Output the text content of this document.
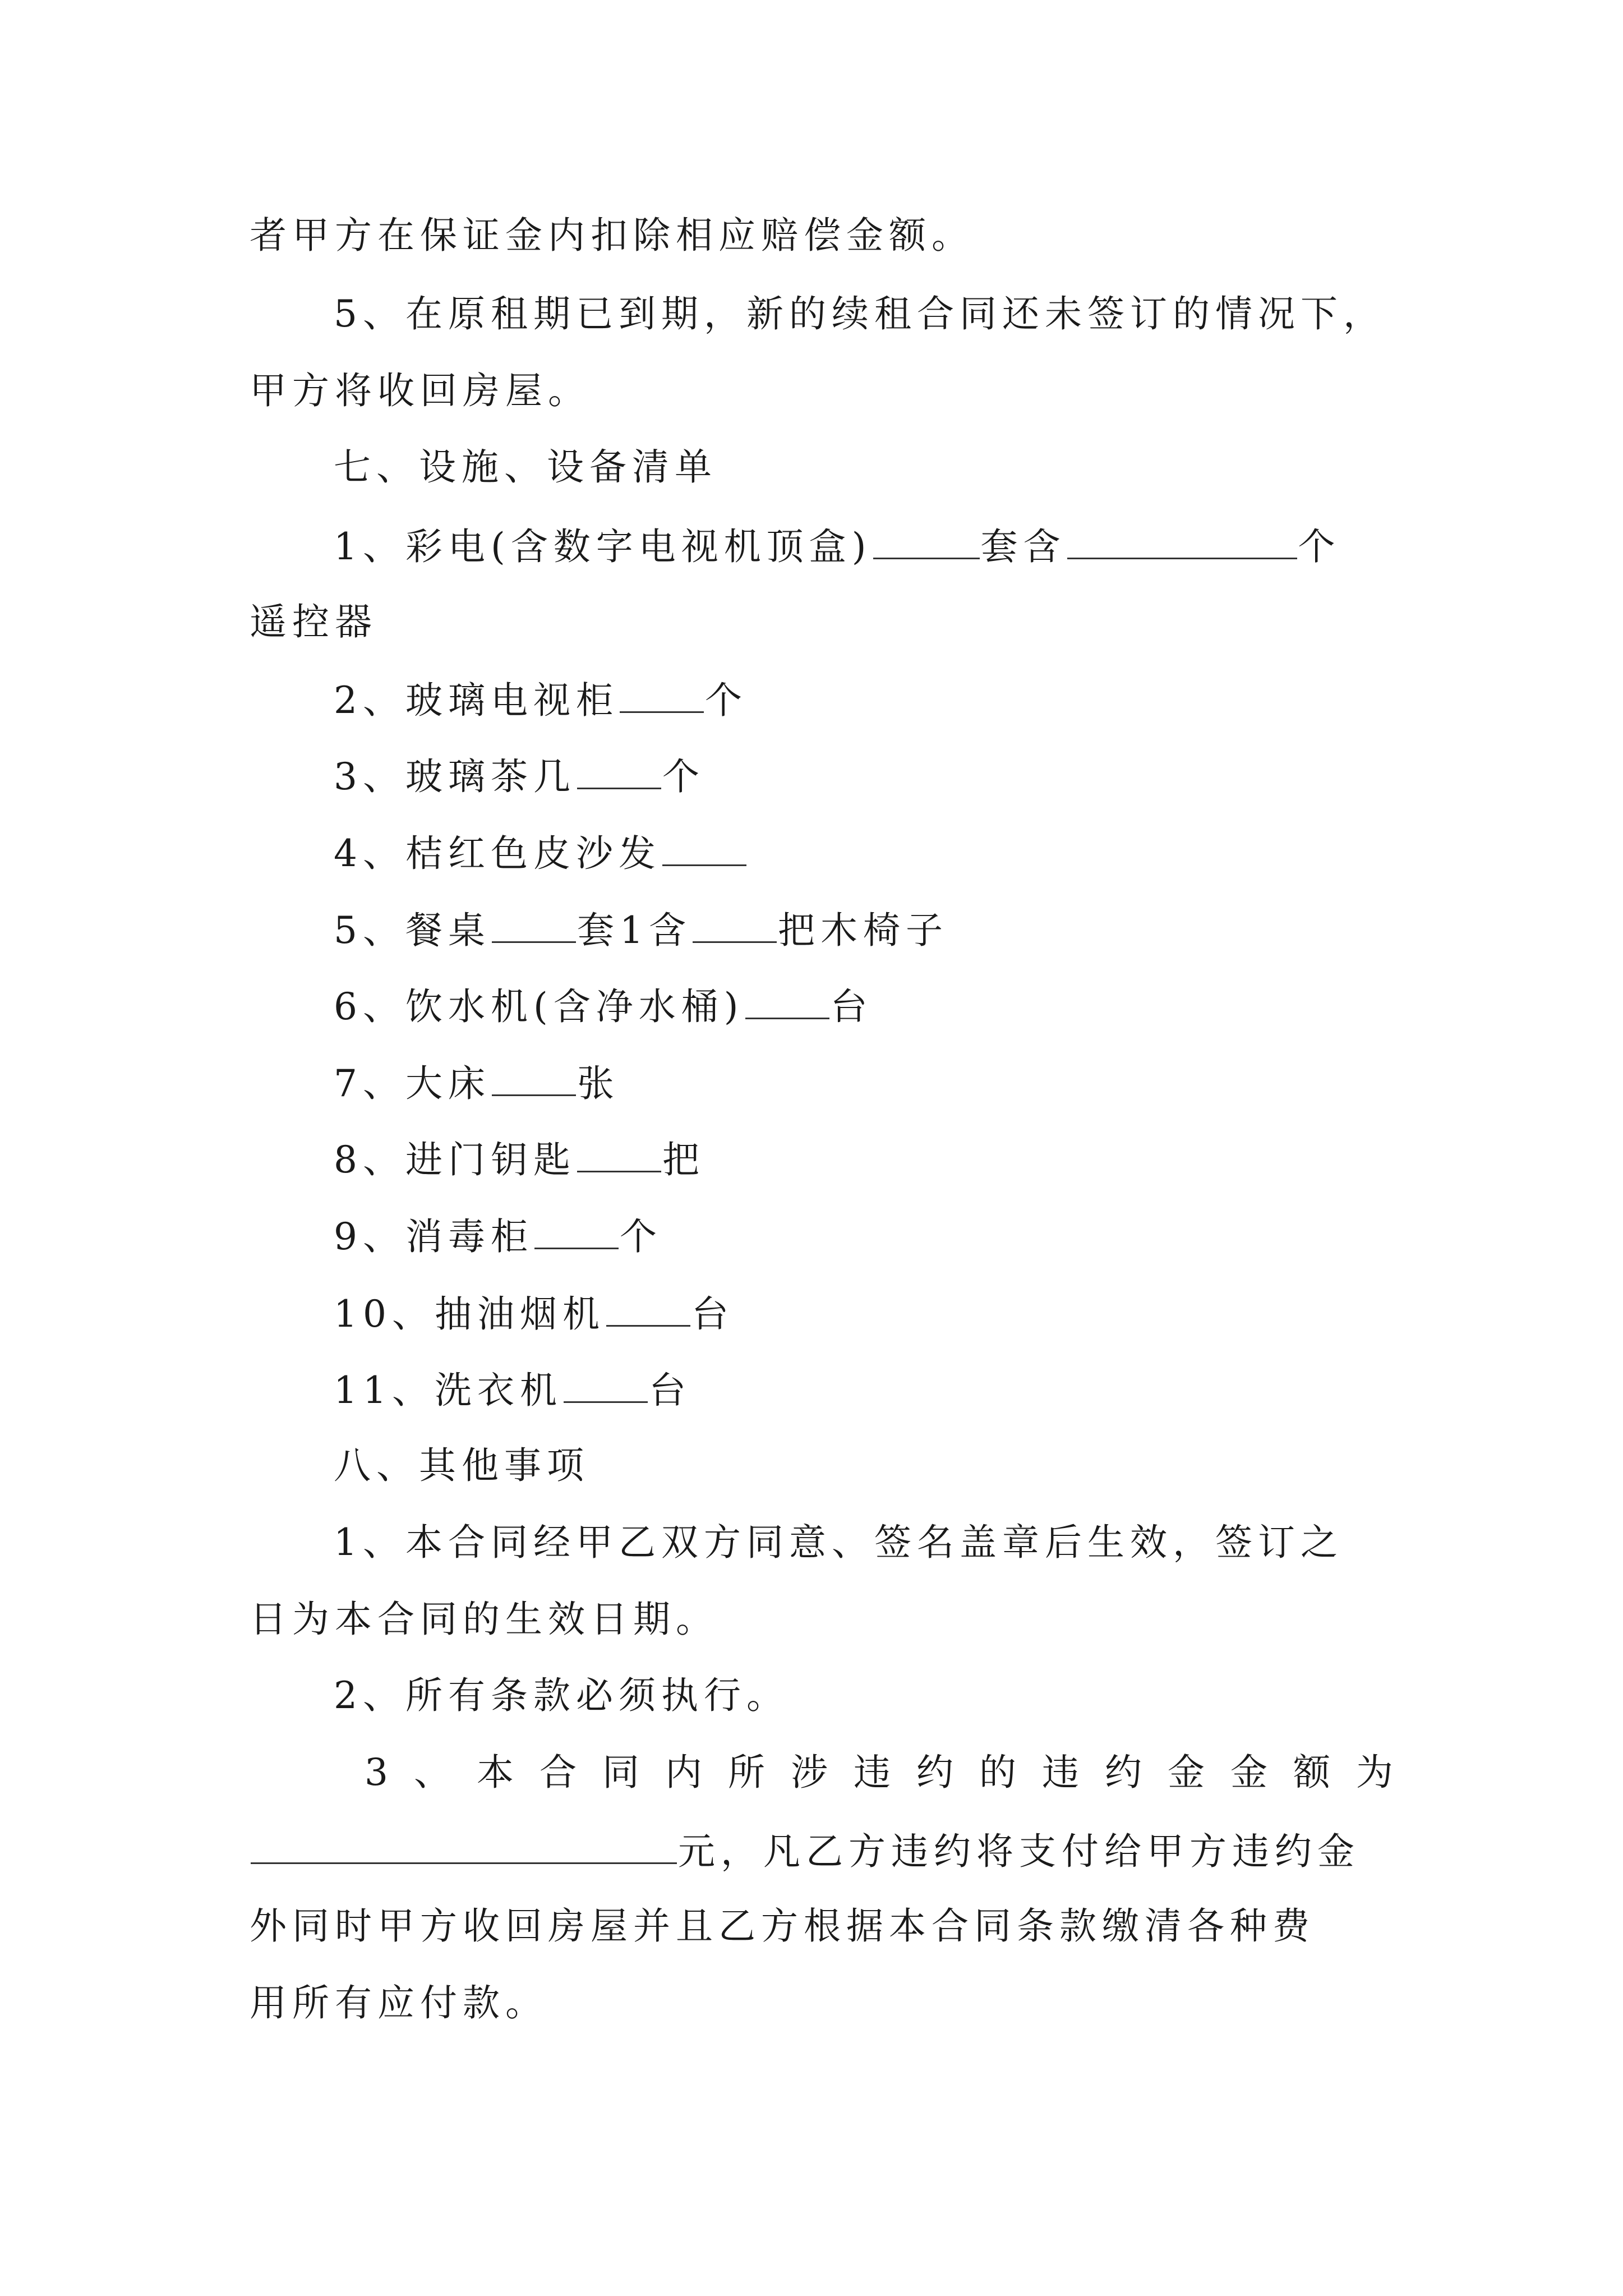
者甲方在保证金内扣除相应赔偿金额。
5、在原租期已到期，新的续租合同还未签订的情况下，
甲方将收回房屋。
七、设施、设备清单
1、彩电(含数字电视机顶盒)	套含	个
遥控器
2、玻璃电视柜 个
3、玻璃茶几 个
4、桔红色皮沙发
5、餐桌 套1含 把木椅子
6、饮水机(含净水桶) 台
7、大床 张
8、进门钥匙 把
9、消毒柜 个
10、抽油烟机 台
11、洗衣机 台
八、其他事项
1、本合同经甲乙双方同意、签名盖章后生效，签订之
日为本合同的生效日期。
2、所有条款必须执行。
3、本合同内所涉违约的违约金金额为
元，凡乙方违约将支付给甲方违约金
外同时甲方收回房屋并且乙方根据本合同条款缴清各种费
用所有应付款。
